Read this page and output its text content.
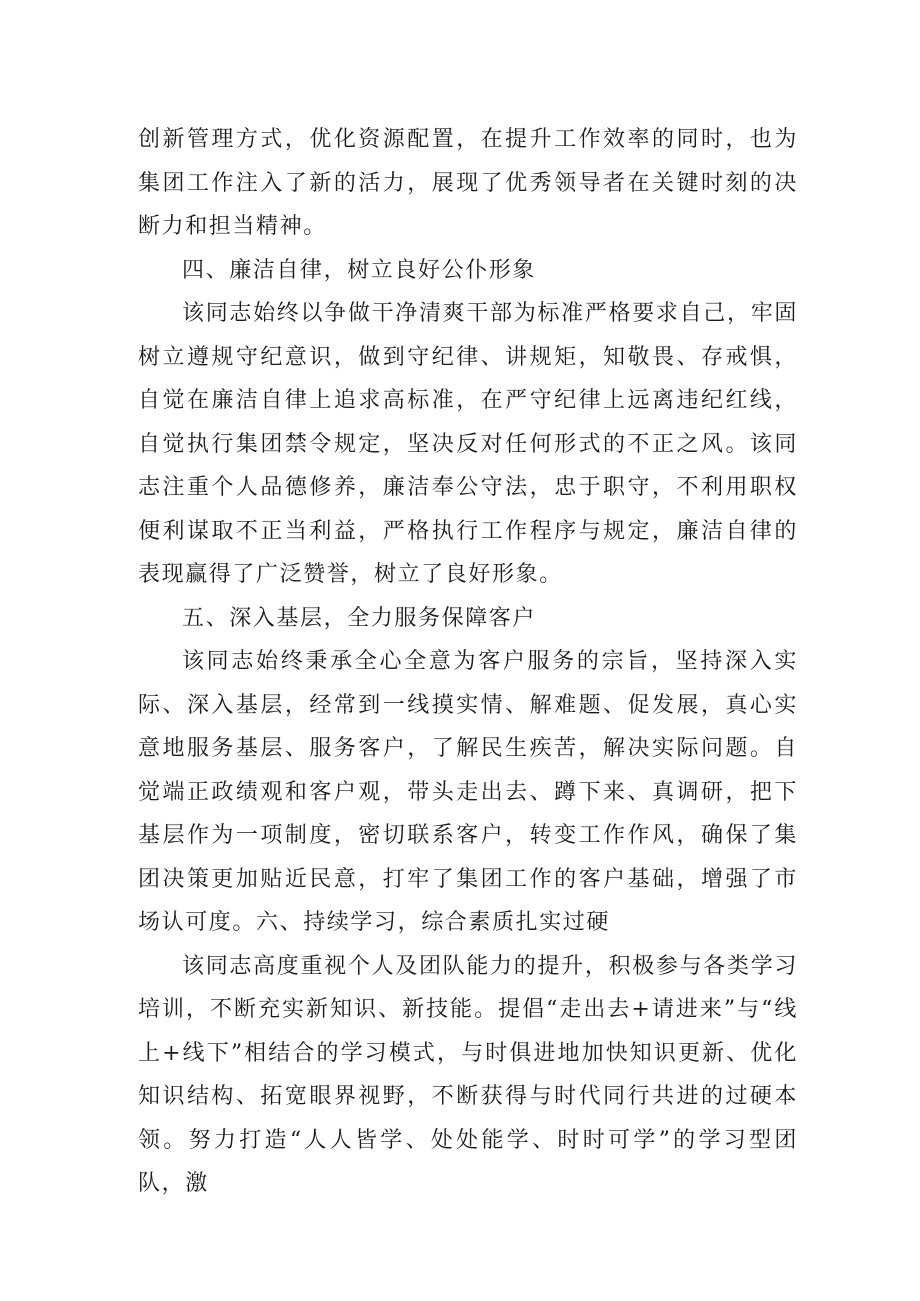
创新管理方式，优化资源配置，在提升工作效率的同时，也为集团工作注入了新的活力，展现了优秀领导者在关键时刻的决断力和担当精神。

四、廉洁自律，树立良好公仆形象

该同志始终以争做干净清爽干部为标准严格要求自己，牢固树立遵规守纪意识，做到守纪律、讲规矩，知敬畏、存戒惧，自觉在廉洁自律上追求高标准，在严守纪律上远离违纪红线，自觉执行集团禁令规定，坚决反对任何形式的不正之风。该同志注重个人品德修养，廉洁奉公守法，忠于职守，不利用职权便利谋取不正当利益，严格执行工作程序与规定，廉洁自律的表现赢得了广泛赞誉，树立了良好形象。

五、深入基层，全力服务保障客户

该同志始终秉承全心全意为客户服务的宗旨，坚持深入实际、深入基层，经常到一线摸实情、解难题、促发展，真心实意地服务基层、服务客户，了解民生疾苦，解决实际问题。自觉端正政绩观和客户观，带头走出去、蹲下来、真调研，把下基层作为一项制度，密切联系客户，转变工作作风，确保了集团决策更加贴近民意，打牢了集团工作的客户基础，增强了市场认可度。六、持续学习，综合素质扎实过硬

该同志高度重视个人及团队能力的提升，积极参与各类学习培训，不断充实新知识、新技能。提倡“走出去+请进来”与“线上+线下”相结合的学习模式，与时俱进地加快知识更新、优化知识结构、拓宽眼界视野，不断获得与时代同行共进的过硬本领。努力打造“人人皆学、处处能学、时时可学”的学习型团队，激
